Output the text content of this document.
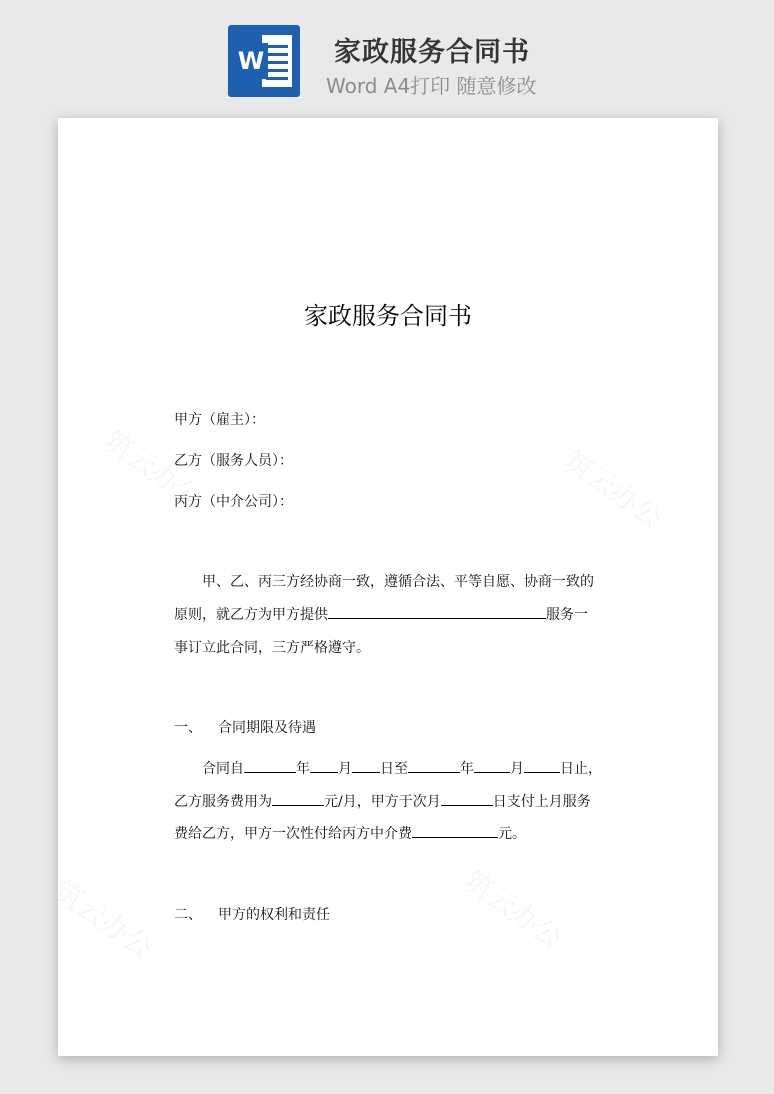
W	家政服务合同书
Word A4打印 随意修改
家政服务合同书
甲方（雇主）：
乙方（服务人员）：
丙方（中介公司）：
甲、乙、丙三方经协商一致，遵循合法、平等自愿、协商一致的
原则，就乙方为甲方提供	服务一
事订立此合同，三方严格遵守。
一、 合同期限及待遇
合同自	年 月 日至	年	月	日止，
乙方服务费用为	元/月，甲方于次月	日支付上月服务
费给乙方，甲方一次性付给丙方中介费	元。
二、 甲方的权利和责任
